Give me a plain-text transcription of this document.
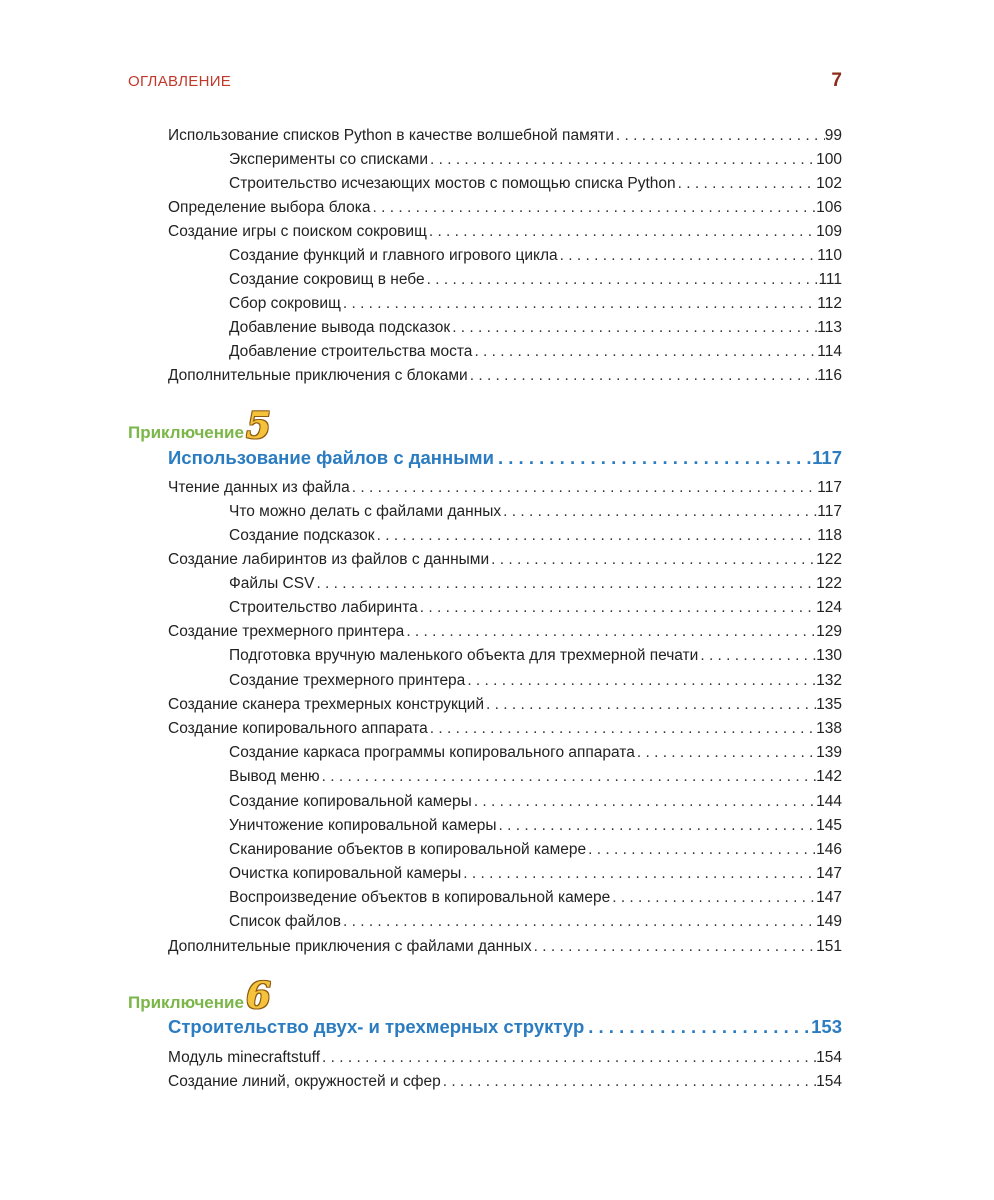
ОГЛАВЛЕНИЕ	7
Использование списков Python в качестве волшебной памяти . . .	99
Эксперименты со списками . . .	100
Строительство исчезающих мостов с помощью списка Python . . .	102
Определение выбора блока . . .	106
Создание игры с поиском сокровищ . . .	109
Создание функций и главного игрового цикла . . .	110
Создание сокровищ в небе . . .	111
Сбор сокровищ . . .	112
Добавление вывода подсказок . . .	113
Добавление строительства моста . . .	114
Дополнительные приключения с блоками . . .	116
Приключение 5
Использование файлов с данными . . .	117
Чтение данных из файла . . .	117
Что можно делать с файлами данных . . .	117
Создание подсказок . . .	118
Создание лабиринтов из файлов с данными . . .	122
Файлы CSV . . .	122
Строительство лабиринта . . .	124
Создание трехмерного принтера . . .	129
Подготовка вручную маленького объекта для трехмерной печати . . .	130
Создание трехмерного принтера . . .	132
Создание сканера трехмерных конструкций . . .	135
Создание копировального аппарата . . .	138
Создание каркаса программы копировального аппарата . . .	139
Вывод меню . . .	142
Создание копировальной камеры . . .	144
Уничтожение копировальной камеры . . .	145
Сканирование объектов в копировальной камере . . .	146
Очистка копировальной камеры . . .	147
Воспроизведение объектов в копировальной камере . . .	147
Список файлов . . .	149
Дополнительные приключения с файлами данных . . .	151
Приключение 6
Строительство двух- и трехмерных структур . . .	153
Модуль minecraftstuff . . .	154
Создание линий, окружностей и сфер . . .	154
